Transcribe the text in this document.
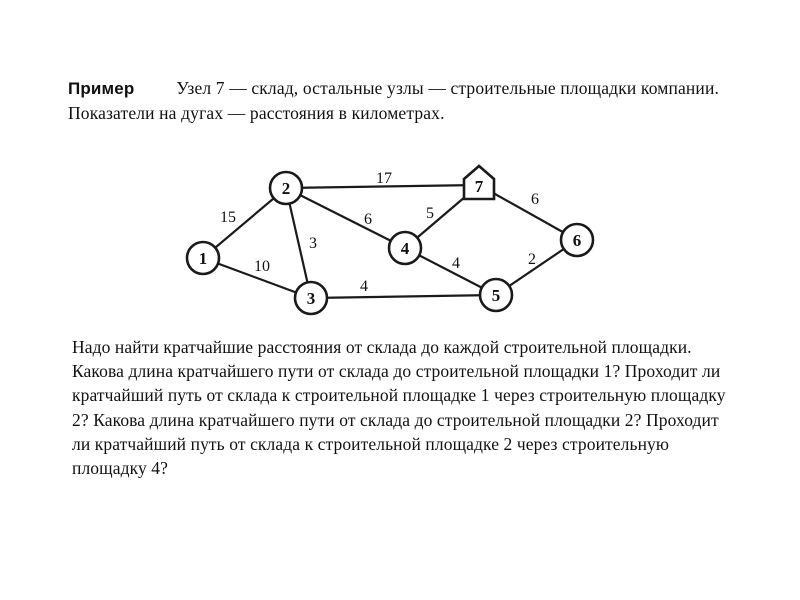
Пример Узел 7 — склад, остальные узлы — строительные площадки компании. Показатели на дугах — расстояния в километрах.
15
10
3
6
17
4
4
5
2
6
1
2
3
4
5
6
7
Надо найти кратчайшие расстояния от склада до каждой строительной площадки. Какова длина кратчайшего пути от склада до строительной площадки 1? Проходит ли кратчайший путь от склада к строительной площадке 1 через строительную площадку 2? Какова длина кратчайшего пути от склада до строительной площадки 2? Проходит ли кратчайший путь от склада к строительной площадке 2 через строительную площадку 4?
